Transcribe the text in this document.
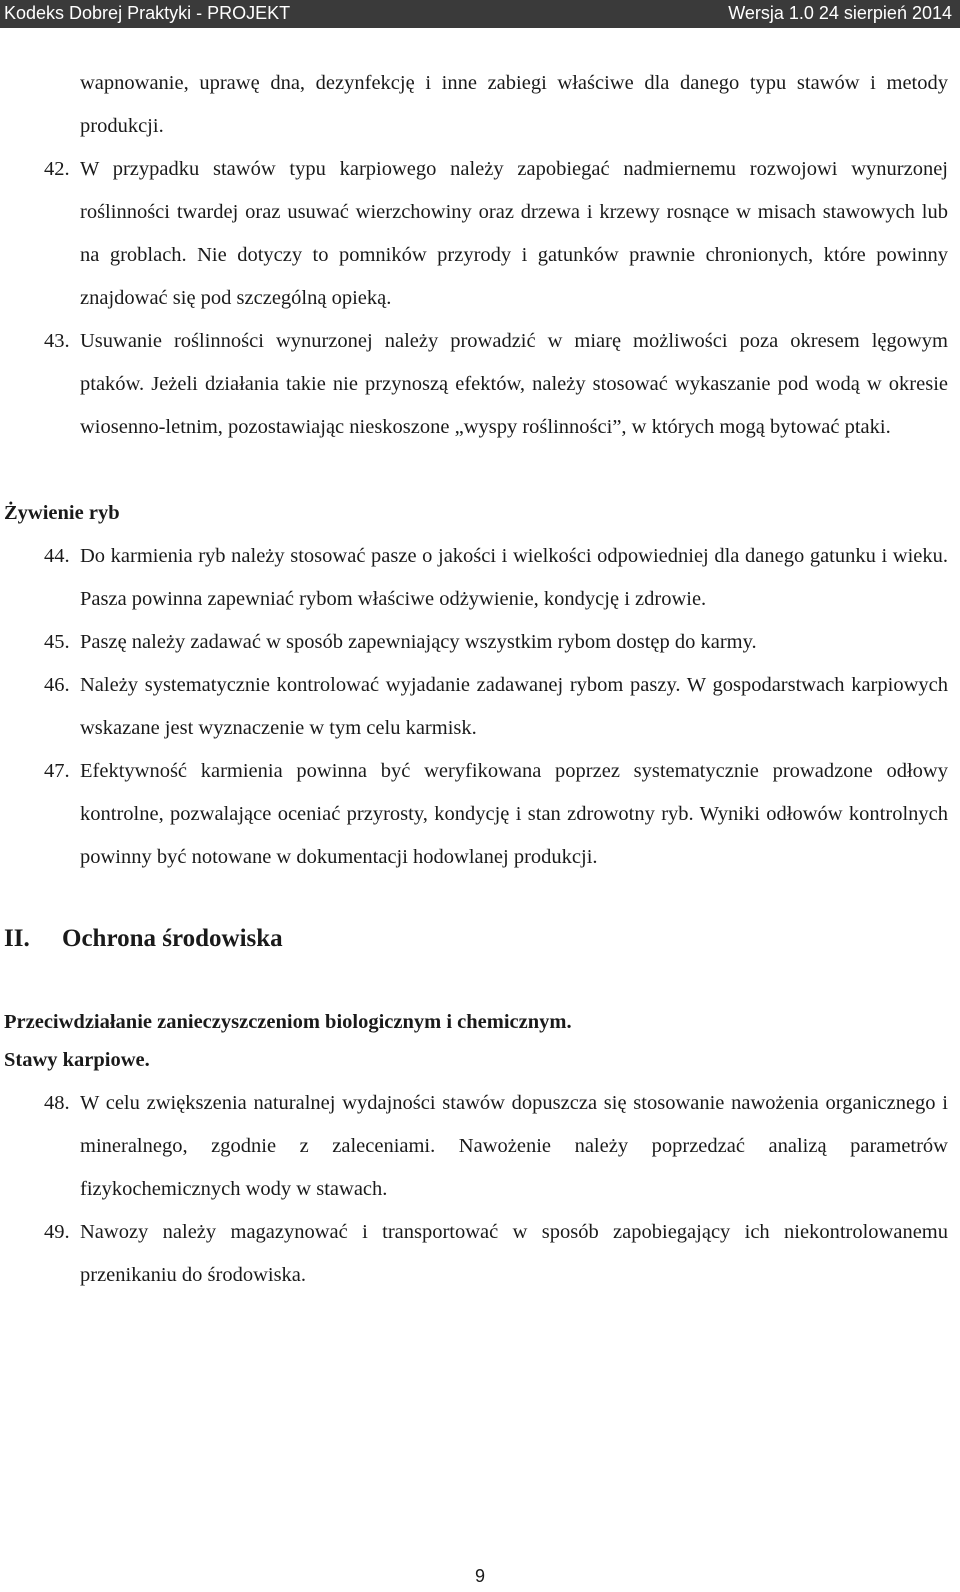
Kodeks Dobrej Praktyki - PROJEKT	Wersja 1.0 24 sierpień 2014

wapnowanie, uprawę dna, dezynfekcję i inne zabiegi właściwe dla danego typu stawów i metody produkcji.

42. W przypadku stawów typu karpiowego należy zapobiegać nadmiernemu rozwojowi wynurzonej roślinności twardej oraz usuwać wierzchowiny oraz drzewa i krzewy rosnące w misach stawowych lub na groblach. Nie dotyczy to pomników przyrody i gatunków prawnie chronionych, które powinny znajdować się pod szczególną opieką.
43. Usuwanie roślinności wynurzonej należy prowadzić w miarę możliwości poza okresem lęgowym ptaków. Jeżeli działania takie nie przynoszą efektów, należy stosować wykaszanie pod wodą w okresie wiosenno-letnim, pozostawiając nieskoszone „wyspy roślinności”, w których mogą bytować ptaki.

Żywienie ryb

44. Do karmienia ryb należy stosować pasze o jakości i wielkości odpowiedniej dla danego gatunku i wieku. Pasza powinna zapewniać rybom właściwe odżywienie, kondycję i zdrowie.
45. Paszę należy zadawać w sposób zapewniający wszystkim rybom dostęp do karmy.
46. Należy systematycznie kontrolować wyjadanie zadawanej rybom paszy. W gospodarstwach karpiowych wskazane jest wyznaczenie w tym celu karmisk.
47. Efektywność karmienia powinna być weryfikowana poprzez systematycznie prowadzone odłowy kontrolne, pozwalające oceniać przyrosty, kondycję i stan zdrowotny ryb. Wyniki odłowów kontrolnych powinny być notowane w dokumentacji hodowlanej produkcji.

II. Ochrona środowiska

Przeciwdziałanie zanieczyszczeniom biologicznym i chemicznym.

Stawy karpiowe.

48. W celu zwiększenia naturalnej wydajności stawów dopuszcza się stosowanie nawożenia organicznego i mineralnego, zgodnie z zaleceniami. Nawożenie należy poprzedzać analizą parametrów fizykochemicznych wody w stawach.
49. Nawozy należy magazynować i transportować w sposób zapobiegający ich niekontrolowanemu przenikaniu do środowiska.
9
